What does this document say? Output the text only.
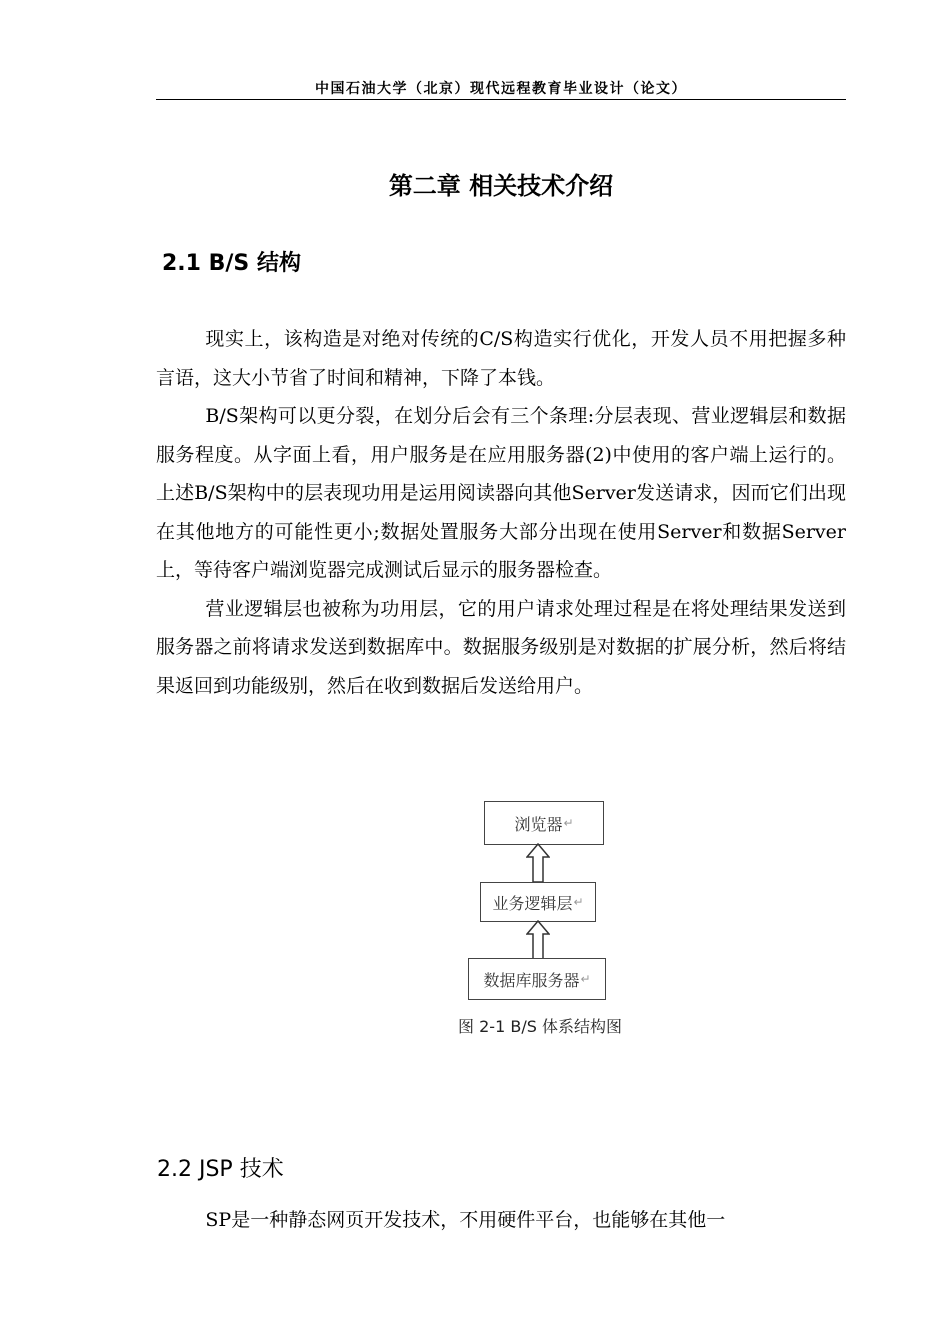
中国石油大学（北京）现代远程教育毕业设计（论文）
第二章 相关技术介绍
2.1 B/S 结构

现实上，该构造是对绝对传统的C/S构造实行优化，开发人员不用把握多种言语，这大小节省了时间和精神，下降了本钱。

B/S架构可以更分裂，在划分后会有三个条理:分层表现、营业逻辑层和数据服务程度。从字面上看，用户服务是在应用服务器(2)中使用的客户端上运行的。上述B/S架构中的层表现功用是运用阅读器向其他Server发送请求，因而它们出现在其他地方的可能性更小;数据处置服务大部分出现在使用Server和数据Server上，等待客户端浏览器完成测试后显示的服务器检查。

营业逻辑层也被称为功用层，它的用户请求处理过程是在将处理结果发送到服务器之前将请求发送到数据库中。数据服务级别是对数据的扩展分析，然后将结果返回到功能级别，然后在收到数据后发送给用户。

浏览器 ↵
业务逻辑层 ↵
数据库服务器 ↵
图 2-1 B/S 体系结构图
2.2 JSP 技术

SP是一种静态网页开发技术，不用硬件平台，也能够在其他一
